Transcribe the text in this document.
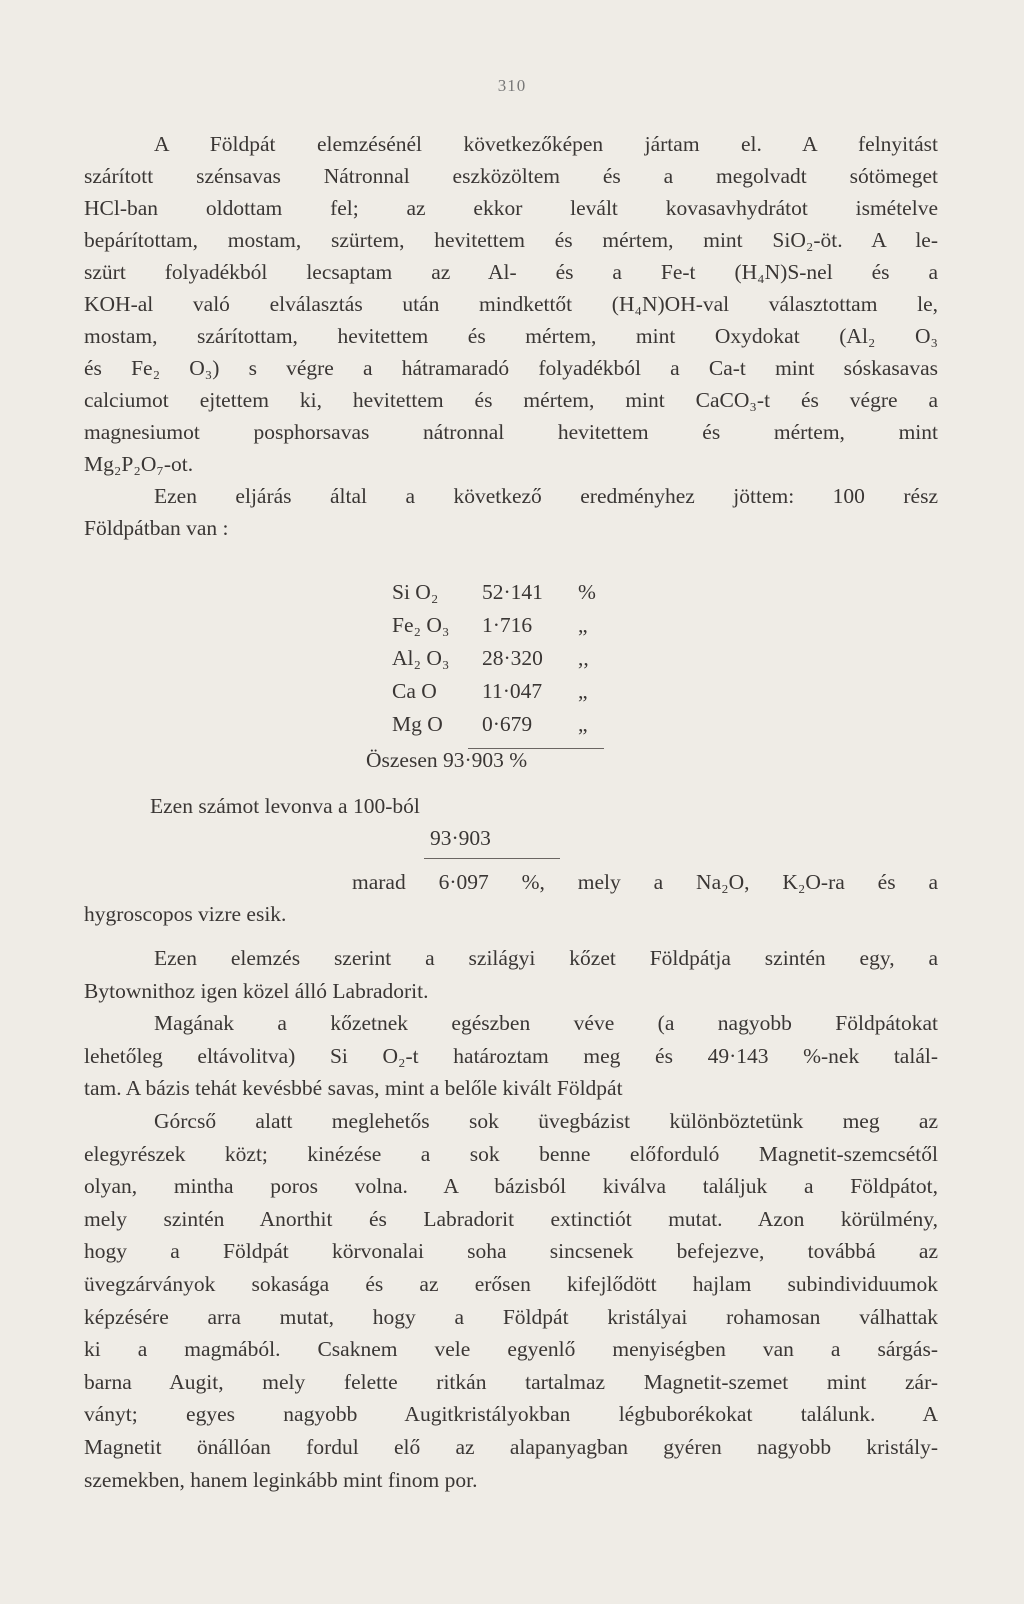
310
A Földpát elemzésénél következőképen jártam el. A felnyitást
szárított szénsavas Nátronnal eszközöltem és a megolvadt sótömeget
HCl-ban oldottam fel; az ekkor levált kovasavhydrátot ismételve
bepárítottam, mostam, szürtem, hevitettem és mértem, mint SiO₂-öt. A le-
szürt folyadékból lecsaptam az Al- és a Fe-t (H₄N)S-nel és a
KOH-al való elválasztás után mindkettőt (H₄N)OH-val választottam le,
mostam, szárítottam, hevitettem és mértem, mint Oxydokat (Al₂ O₃
és Fe₂ O₃) s végre a hátramaradó folyadékból a Ca-t mint sóskasavas
calciumot ejtettem ki, hevitettem és mértem, mint CaCO₃-t és végre a
magnesiumot posphorsavas nátronnal hevitettem és mértem, mint
Mg₂P₂O₇-ot.
Ezen eljárás által a következő eredményhez jöttem: 100 rész
Földpátban van :
Si O₂	52·141	%
Fe₂ O₃	1·716	„
Al₂ O₃	28·320	,,
Ca O	11·047	„
Mg O	0·679	„
Öszesen 93·903 %
Ezen számot levonva a 100-ból
93·903
marad 6·097 %, mely a Na₂O, K₂O-ra és a
hygroscopos vizre esik.
Ezen elemzés szerint a szilágyi kőzet Földpátja szintén egy, a
Bytownithoz igen közel álló Labradorit.
Magának a kőzetnek egészben véve (a nagyobb Földpátokat
lehetőleg eltávolitva) Si O₂-t határoztam meg és 49·143 %-nek talál-
tam. A bázis tehát kevésbbé savas, mint a belőle kivált Földpát
Górcső alatt meglehetős sok üvegbázist különböztetünk meg az
elegyrészek közt; kinézése a sok benne előforduló Magnetit-szemcsétől
olyan, mintha poros volna. A bázisból kiválva találjuk a Földpátot,
mely szintén Anorthit és Labradorit extinctiót mutat. Azon körülmény,
hogy a Földpát körvonalai soha sincsenek befejezve, továbbá az
üvegzárványok sokasága és az erősen kifejlődött hajlam subindividuumok
képzésére arra mutat, hogy a Földpát kristályai rohamosan válhattak
ki a magmából. Csaknem vele egyenlő menyiségben van a sárgás-
barna Augit, mely felette ritkán tartalmaz Magnetit-szemet mint zár-
ványt; egyes nagyobb Augitkristályokban légbuborékokat találunk. A
Magnetit önállóan fordul elő az alapanyagban gyéren nagyobb kristály-
szemekben, hanem leginkább mint finom por.
